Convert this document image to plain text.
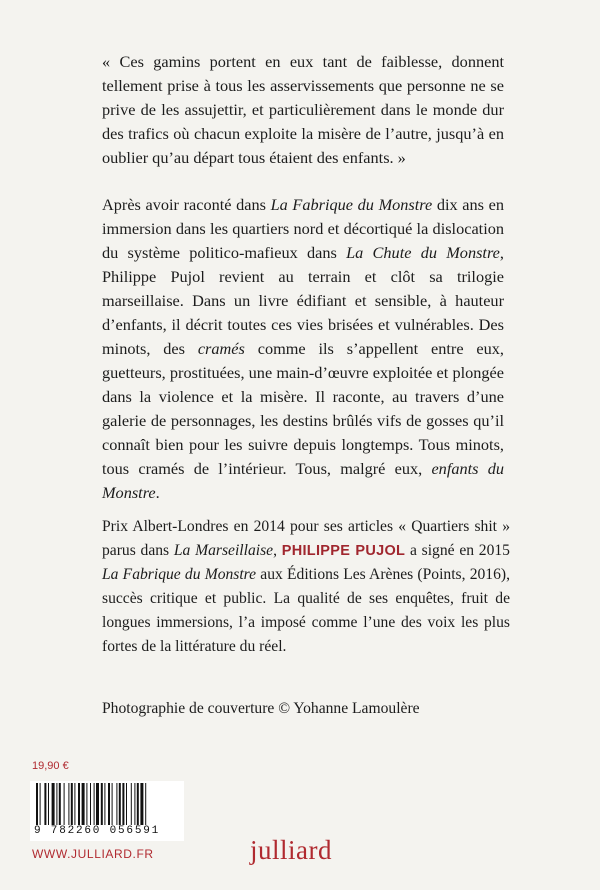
« Ces gamins portent en eux tant de faiblesse, donnent tellement prise à tous les asservissements que personne ne se prive de les assujettir, et particulièrement dans le monde dur des trafics où chacun exploite la misère de l’autre, jusqu’à en oublier qu’au départ tous étaient des enfants. »

Après avoir raconté dans La Fabrique du Monstre dix ans en immersion dans les quartiers nord et décortiqué la dislocation du système politico-mafieux dans La Chute du Monstre, Philippe Pujol revient au terrain et clôt sa trilogie marseillaise. Dans un livre édifiant et sensible, à hauteur d’enfants, il décrit toutes ces vies brisées et vulnérables. Des minots, des cramés comme ils s’appellent entre eux, guetteurs, prostituées, une main-d’œuvre exploitée et plongée dans la violence et la misère. Il raconte, au travers d’une galerie de personnages, les destins brûlés vifs de gosses qu’il connaît bien pour les suivre depuis longtemps. Tous minots, tous cramés de l’intérieur. Tous, malgré eux, enfants du Monstre.

Prix Albert-Londres en 2014 pour ses articles « Quartiers shit » parus dans La Marseillaise, PHILIPPE PUJOL a signé en 2015 La Fabrique du Monstre aux Éditions Les Arènes (Points, 2016), succès critique et public. La qualité de ses enquêtes, fruit de longues immersions, l’a imposé comme l’une des voix les plus fortes de la littérature du réel.

Photographie de couverture © Yohanne Lamoulère
19,90 €
9 782260 056591
WWW.JULLIARD.FR	julliard
